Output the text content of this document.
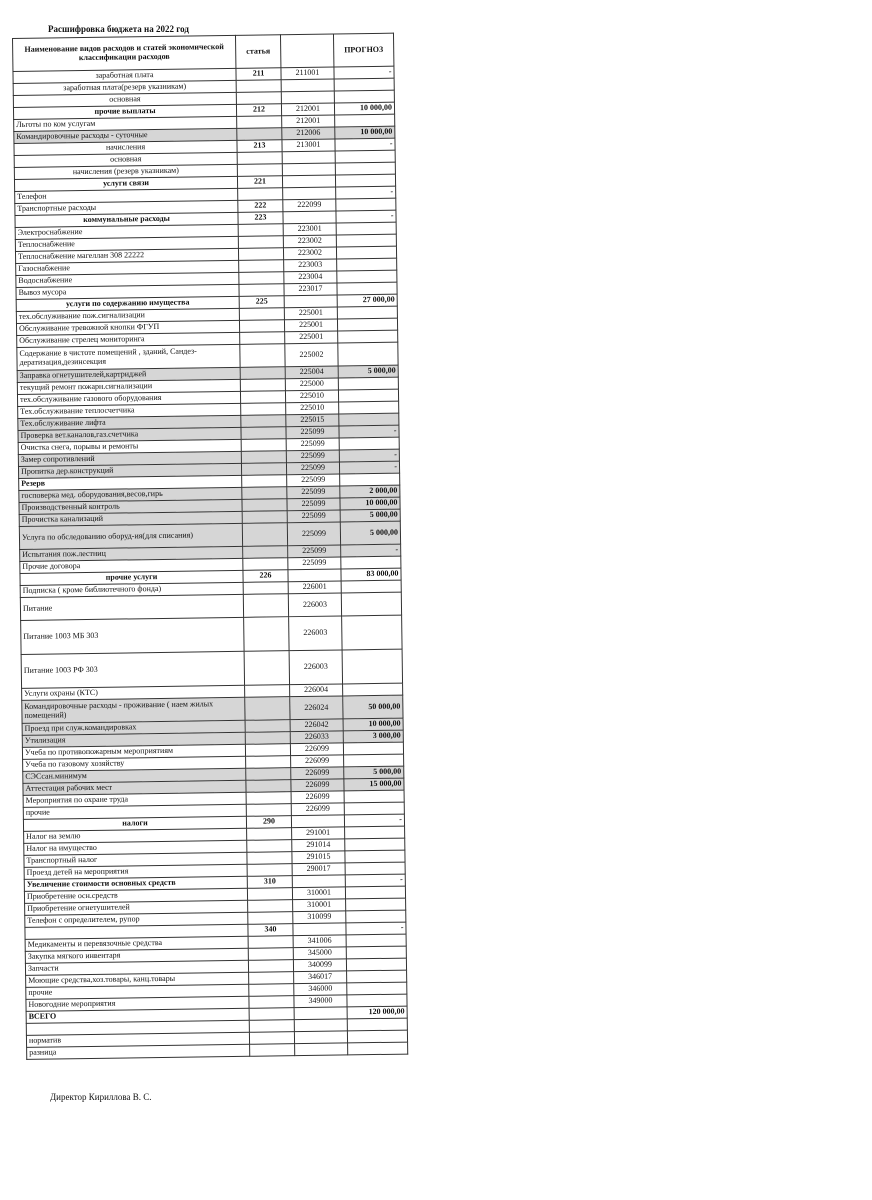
Расшифровка бюджета на 2022 год
Наименование видов расходов и статей экономической классификации расходов	статья		ПРОГНОЗ
заработная плата	211	211001	-
заработная плата(резерв указникам)			
основная			
прочие выплаты	212	212001	10 000,00
Льготы по ком услугам		212001	
Командировочные расходы - суточные		212006	10 000,00
начисления	213	213001	-
основная			
начисления (резерв указникам)			
услуги связи	221		
Телефон			-
Транспортные расходы	222	222099	
коммунальные расходы	223		-
Электроснабжение		223001	
Теплоснабжение		223002	
Теплоснабжение магеллан 308 22222		223002	
Газоснабжение		223003	
Водоснабжение		223004	
Вывоз мусора		223017	
услуги по содержанию имущества	225		27 000,00
тех.обслуживание пож.сигнализации		225001	
Обслуживание тревожной кнопки ФГУП		225001	
Обслуживание стрелец мониторинга		225001	
Содержание в чистоте помещений , зданий, Сандез-дератизация,дезинсекция		225002	
Заправка огнетушителей,картриджей		225004	5 000,00
текущий ремонт пожарн.сигнализации		225000	
тех.обслуживание газового оборудования		225010	
Тех.обслуживание теплосчетчика		225010	
Тех.обслуживание лифта		225015	
Проверка вет.каналов,газ.счетчика		225099	-
Очистка снега, порывы и ремонты		225099	
Замер сопротивлений		225099	-
Пропитка дер.конструкций		225099	-
Резерв		225099	
госповерка мед. оборудования,весов,гирь		225099	2 000,00
Производственный контроль		225099	10 000,00
Прочистка канализаций		225099	5 000,00
Услуга по обследованию оборуд-ия(для списания)		225099	5 000,00
Испытания пож.лестниц		225099	-
Прочие договора		225099	
прочие услуги	226		83 000,00
Подписка ( кроме библиотечного фонда)		226001	
Питание		226003	
Питание 1003 МБ 303		226003	
Питание 1003 РФ 303		226003	
Услуги охраны (КТС)		226004	
Командировочные расходы - проживание ( наем жилых помещений)		226024	50 000,00
Проезд при служ.командировках		226042	10 000,00
Утилизация		226033	3 000,00
Учеба по противопожарным мероприятиям		226099	
Учеба по газовому хозяйству		226099	
СЭСсан.минимум		226099	5 000,00
Аттестация рабочих мест		226099	15 000,00
Мероприятия по охране труда		226099	
прочие		226099	
налоги	290		-
Налог на землю		291001	
Налог на имущество		291014	
Транспортный налог		291015	
Проезд детей на мероприятия		290017	
Увеличение стоимости основных средств	310		-
Приобретение осн.средств		310001	
Приобретение огнетушителей		310001	
Телефон с определителем, рупор		310099	
	340		-
Медикаменты и перевязочные средства		341006	
Закупка мягкого инвентаря		345000	
Запчасти		340099	
Моющие средства,хоз.товары, канц.товары		346017	
прочие		346000	
Новогодние мероприятия		349000	
ВСЕГО			120 000,00

норматив			
разница			
Директор Кириллова В. С.
